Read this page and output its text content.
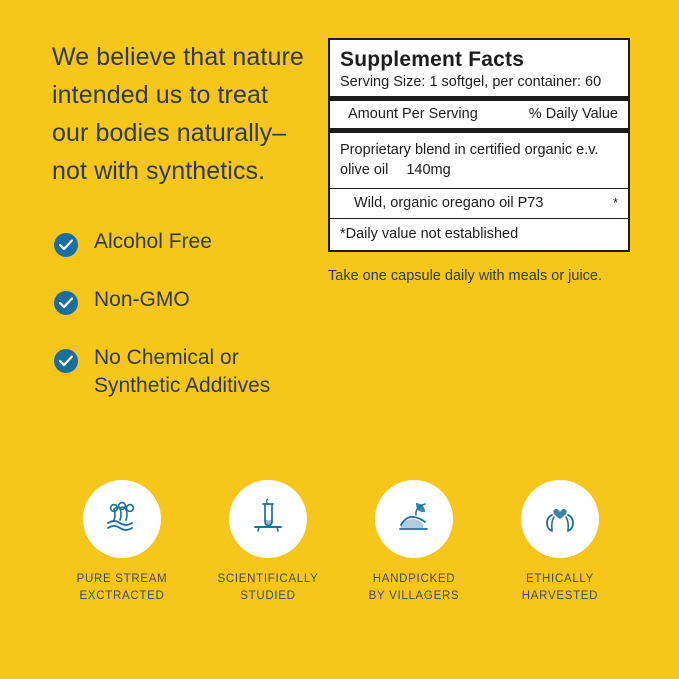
We believe that nature
intended us to treat
our bodies naturally–
not with synthetics.
Alcohol Free
Non-GMO
No Chemical or Synthetic Additives
Supplement Facts
Serving Size: 1 softgel, per container: 60
Amount Per Serving	% Daily Value
Proprietary blend in certified organic e.v. olive oil 140mg
Wild, organic oregano oil P73	*
*Daily value not established
Take one capsule daily with meals or juice.
PURE STREAM
EXCTRACTED
SCIENTIFICALLY
STUDIED
HANDPICKED
BY VILLAGERS
ETHICALLY
HARVESTED
